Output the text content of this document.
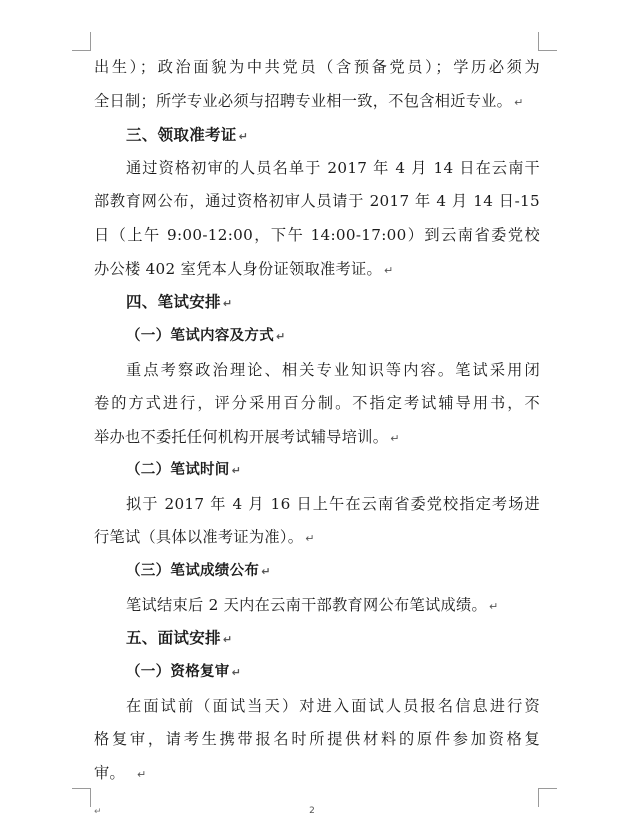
出生）；政治面貌为中共党员（含预备党员）；学历必须为
全日制；所学专业必须与招聘专业相一致，不包含相近专业。 ↵
三、领取准考证 ↵
通过资格初审的人员名单于 2017 年 4 月 14 日在云南干
部教育网公布，通过资格初审人员请于 2017 年 4 月 14 日-15
日（上午 9:00-12:00，下午 14:00-17:00）到云南省委党校
办公楼 402 室凭本人身份证领取准考证。 ↵
四、笔试安排 ↵
（一）笔试内容及方式 ↵
重点考察政治理论、相关专业知识等内容。笔试采用闭
卷的方式进行，评分采用百分制。不指定考试辅导用书，不
举办也不委托任何机构开展考试辅导培训。 ↵
（二）笔试时间 ↵
拟于 2017 年 4 月 16 日上午在云南省委党校指定考场进
行笔试（具体以准考证为准）。 ↵
（三）笔试成绩公布 ↵
笔试结束后 2 天内在云南干部教育网公布笔试成绩。 ↵
五、面试安排 ↵
（一）资格复审 ↵
在面试前（面试当天）对进入面试人员报名信息进行资
格复审，请考生携带报名时所提供材料的原件参加资格复
审。 ↵
↵	2
